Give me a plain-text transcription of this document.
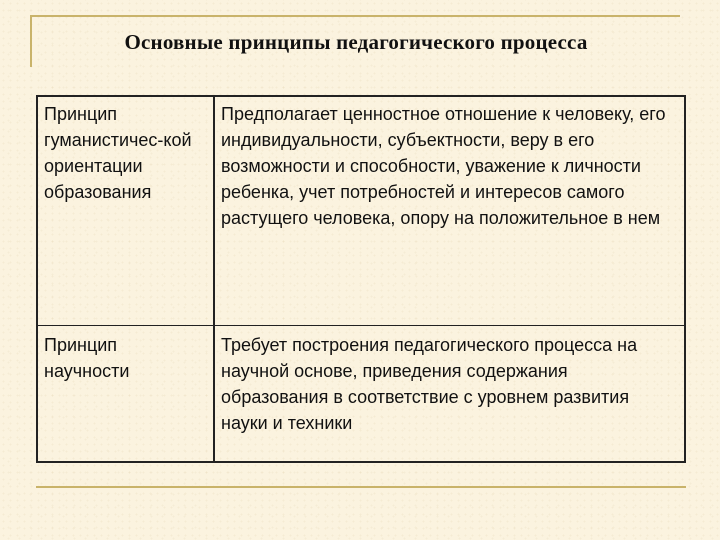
Основные принципы педагогического процесса
Принцип гуманистичес-кой ориентации образования	Предполагает ценностное отношение к человеку, его индивидуальности, субъектности, веру в его возможности и способности, уважение к личности ребенка, учет потребностей и интересов самого растущего человека, опору на положительное в нем
Принцип научности	Требует построения педагогического процесса на научной основе, приведения содержания образования в соответствие с уровнем развития науки и техники
